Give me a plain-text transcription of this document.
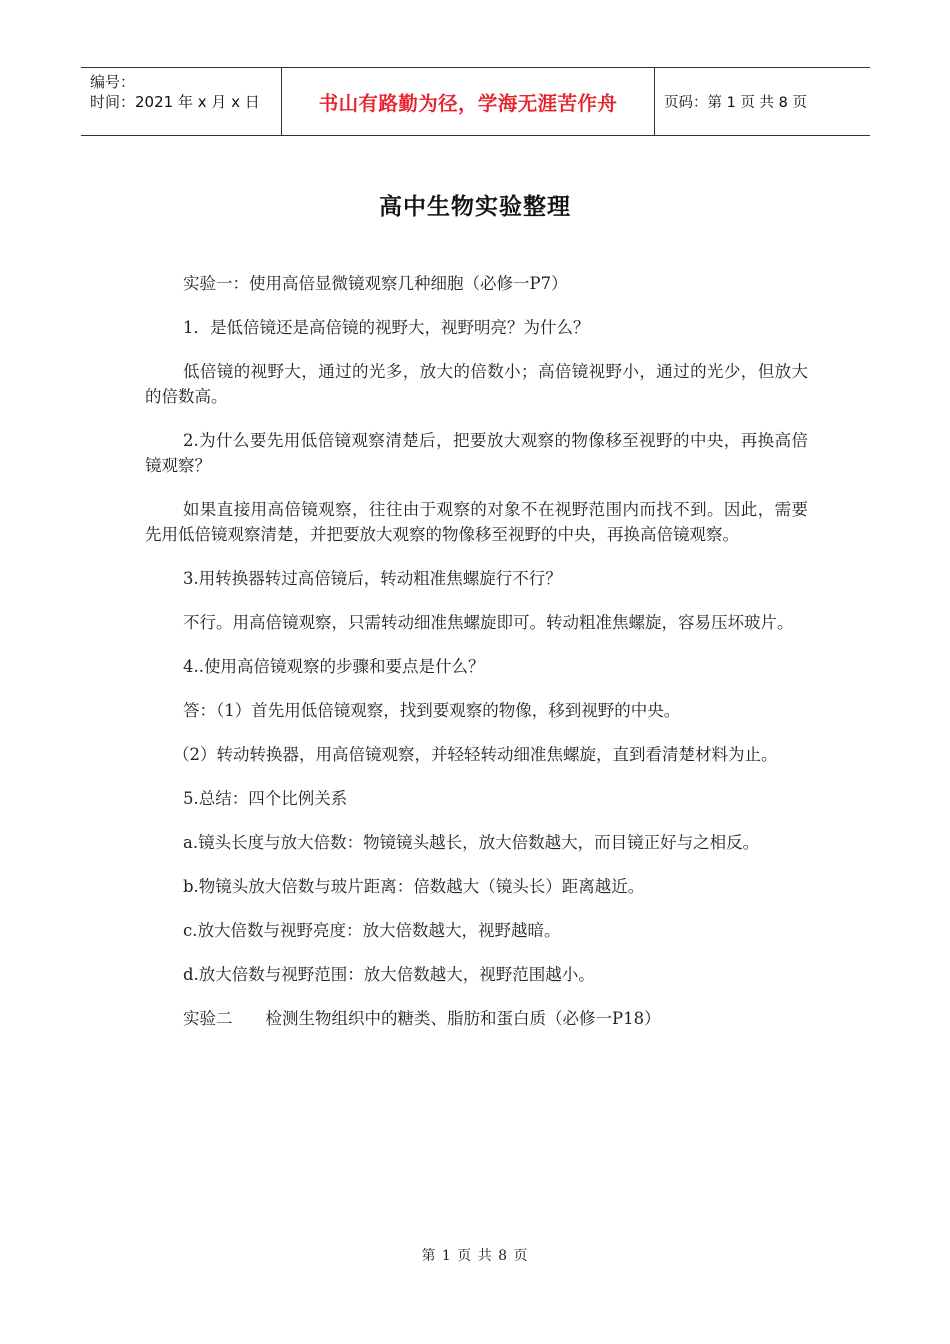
编号：
时间：2021 年 x 月 x 日	书山有路勤为径，学海无涯苦作舟	页码：第 1 页 共 8 页
高中生物实验整理

实验一：使用高倍显微镜观察几种细胞（必修一P7）

1．是低倍镜还是高倍镜的视野大，视野明亮？为什么？

低倍镜的视野大，通过的光多，放大的倍数小；高倍镜视野小，通过的光少，但放大的倍数高。

2.为什么要先用低倍镜观察清楚后，把要放大观察的物像移至视野的中央，再换高倍镜观察？

如果直接用高倍镜观察，往往由于观察的对象不在视野范围内而找不到。因此，需要先用低倍镜观察清楚，并把要放大观察的物像移至视野的中央，再换高倍镜观察。

3.用转换器转过高倍镜后，转动粗准焦螺旋行不行？

不行。用高倍镜观察，只需转动细准焦螺旋即可。转动粗准焦螺旋，容易压坏玻片。

4..使用高倍镜观察的步骤和要点是什么？

答：（1）首先用低倍镜观察，找到要观察的物像，移到视野的中央。

（2）转动转换器，用高倍镜观察，并轻轻转动细准焦螺旋，直到看清楚材料为止。

5.总结：四个比例关系

a.镜头长度与放大倍数：物镜镜头越长，放大倍数越大，而目镜正好与之相反。

b.物镜头放大倍数与玻片距离：倍数越大（镜头长）距离越近。

c.放大倍数与视野亮度：放大倍数越大，视野越暗。

d.放大倍数与视野范围：放大倍数越大，视野范围越小。

实验二　　检测生物组织中的糖类、脂肪和蛋白质（必修一P18）

第 1 页 共 8 页
